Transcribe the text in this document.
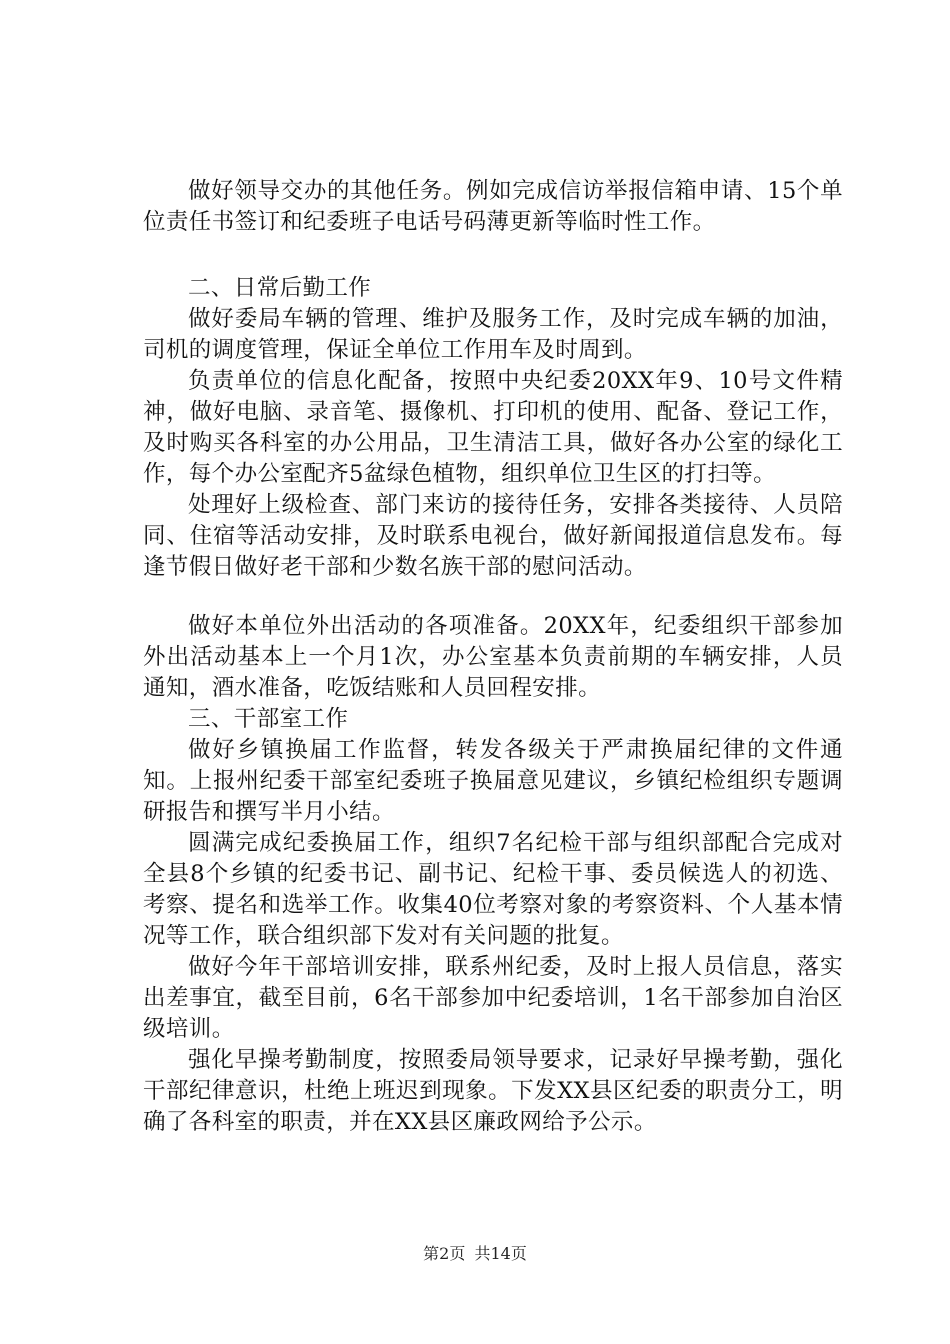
做好领导交办的其他任务。例如完成信访举报信箱申请、15个单位责任书签订和纪委班子电话号码薄更新等临时性工作。

二、日常后勤工作

做好委局车辆的管理、维护及服务工作，及时完成车辆的加油，司机的调度管理，保证全单位工作用车及时周到。

负责单位的信息化配备，按照中央纪委20XX年9、10号文件精神，做好电脑、录音笔、摄像机、打印机的使用、配备、登记工作，及时购买各科室的办公用品，卫生清洁工具，做好各办公室的绿化工作，每个办公室配齐5盆绿色植物，组织单位卫生区的打扫等。

处理好上级检查、部门来访的接待任务，安排各类接待、人员陪同、住宿等活动安排，及时联系电视台，做好新闻报道信息发布。每逢节假日做好老干部和少数名族干部的慰问活动。

做好本单位外出活动的各项准备。20XX年，纪委组织干部参加外出活动基本上一个月1次，办公室基本负责前期的车辆安排，人员通知，酒水准备，吃饭结账和人员回程安排。

三、干部室工作

做好乡镇换届工作监督，转发各级关于严肃换届纪律的文件通知。上报州纪委干部室纪委班子换届意见建议，乡镇纪检组织专题调研报告和撰写半月小结。

圆满完成纪委换届工作，组织7名纪检干部与组织部配合完成对全县8个乡镇的纪委书记、副书记、纪检干事、委员候选人的初选、考察、提名和选举工作。收集40位考察对象的考察资料、个人基本情况等工作，联合组织部下发对有关问题的批复。

做好今年干部培训安排，联系州纪委，及时上报人员信息，落实出差事宜，截至目前，6名干部参加中纪委培训，1名干部参加自治区级培训。

强化早操考勤制度，按照委局领导要求，记录好早操考勤，强化干部纪律意识，杜绝上班迟到现象。下发XX县区纪委的职责分工，明确了各科室的职责，并在XX县区廉政网给予公示。

第2页 共14页
